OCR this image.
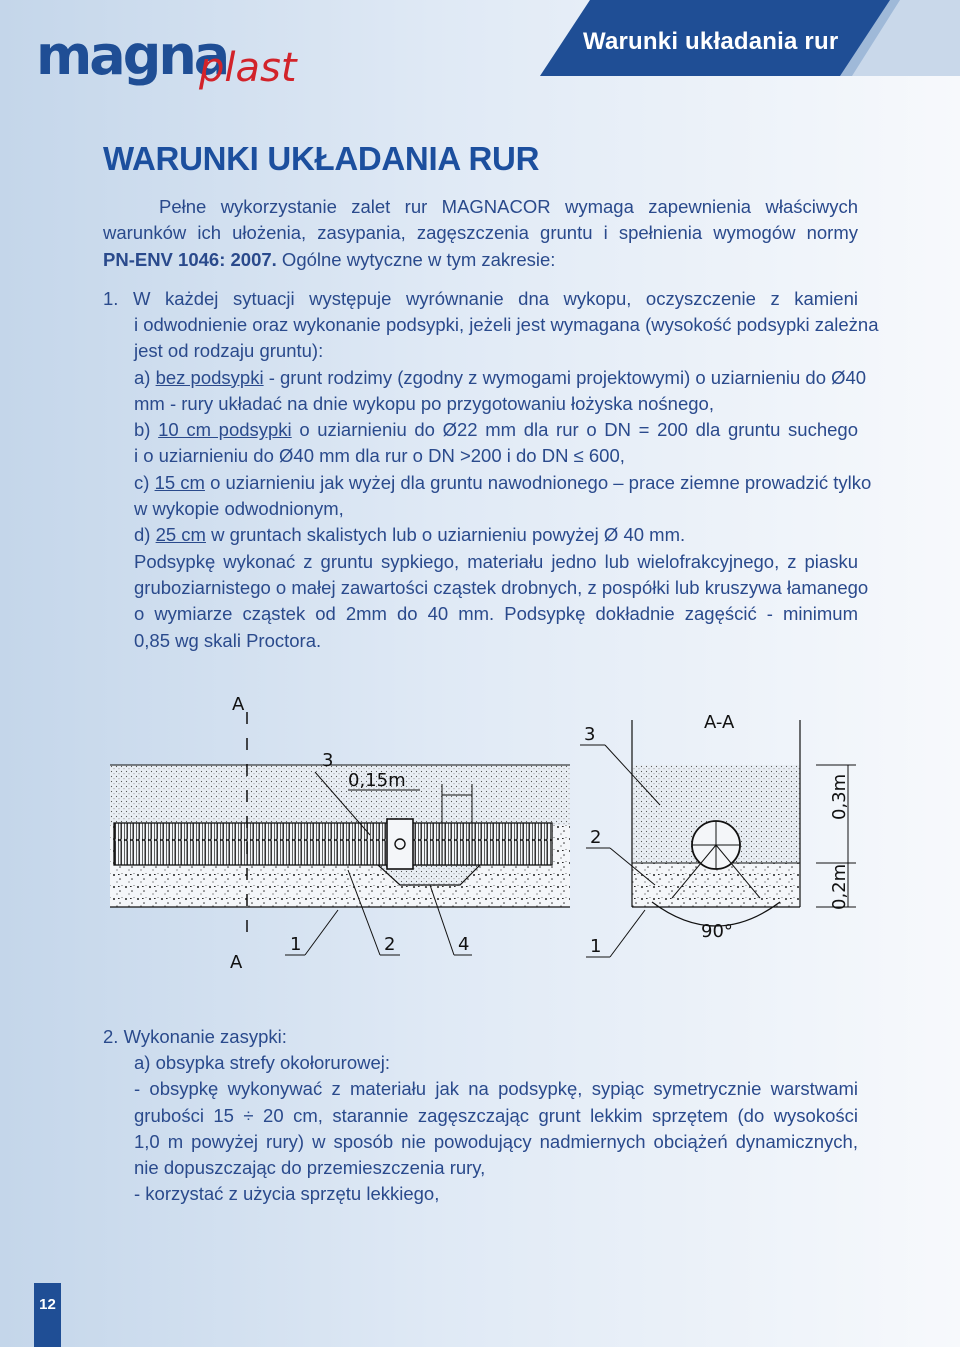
magna
plast
Warunki układania rur
WARUNKI UKŁADANIA RUR
Pełne wykorzystanie zalet rur MAGNACOR wymaga zapewnienia właściwych
warunków ich ułożenia, zasypania, zagęszczenia gruntu i spełnienia wymogów normy
PN-ENV 1046: 2007. Ogólne wytyczne w tym zakresie:
1. W każdej sytuacji występuje wyrównanie dna wykopu, oczyszczenie z kamieni
i odwodnienie oraz wykonanie podsypki, jeżeli jest wymagana (wysokość podsypki zależna
jest od rodzaju gruntu):
a) bez podsypki - grunt rodzimy (zgodny z wymogami projektowymi) o uziarnieniu do Ø40
mm - rury układać na dnie wykopu po przygotowaniu łożyska nośnego,
b) 10 cm podsypki o uziarnieniu do Ø22 mm dla rur o DN = 200 dla gruntu suchego
i o uziarnieniu do Ø40 mm dla rur o DN >200 i do DN ≤ 600,
c) 15 cm o uziarnieniu jak wyżej dla gruntu nawodnionego – prace ziemne prowadzić tylko
w wykopie odwodnionym,
d) 25 cm w gruntach skalistych lub o uziarnieniu powyżej Ø 40 mm.
Podsypkę wykonać z gruntu sypkiego, materiału jedno lub wielofrakcyjnego, z piasku
gruboziarnistego o małej zawartości cząstek drobnych, z pospółki lub kruszywa łamanego
o wymiarze cząstek od 2mm do 40 mm. Podsypkę dokładnie zagęścić - minimum
0,85 wg skali Proctora.
A
A
3
0,15m
1	2	4
A-A
3
2
1
90°
0,3m
0,2m
2. Wykonanie zasypki:
a) obsypka strefy okołorurowej:
- obsypkę wykonywać z materiału jak na podsypkę, sypiąc symetrycznie warstwami
grubości 15 ÷ 20 cm, starannie zagęszczając grunt lekkim sprzętem (do wysokości
1,0 m powyżej rury) w sposób nie powodujący nadmiernych obciążeń dynamicznych,
nie dopuszczając do przemieszczenia rury,
- korzystać z użycia sprzętu lekkiego,
12
